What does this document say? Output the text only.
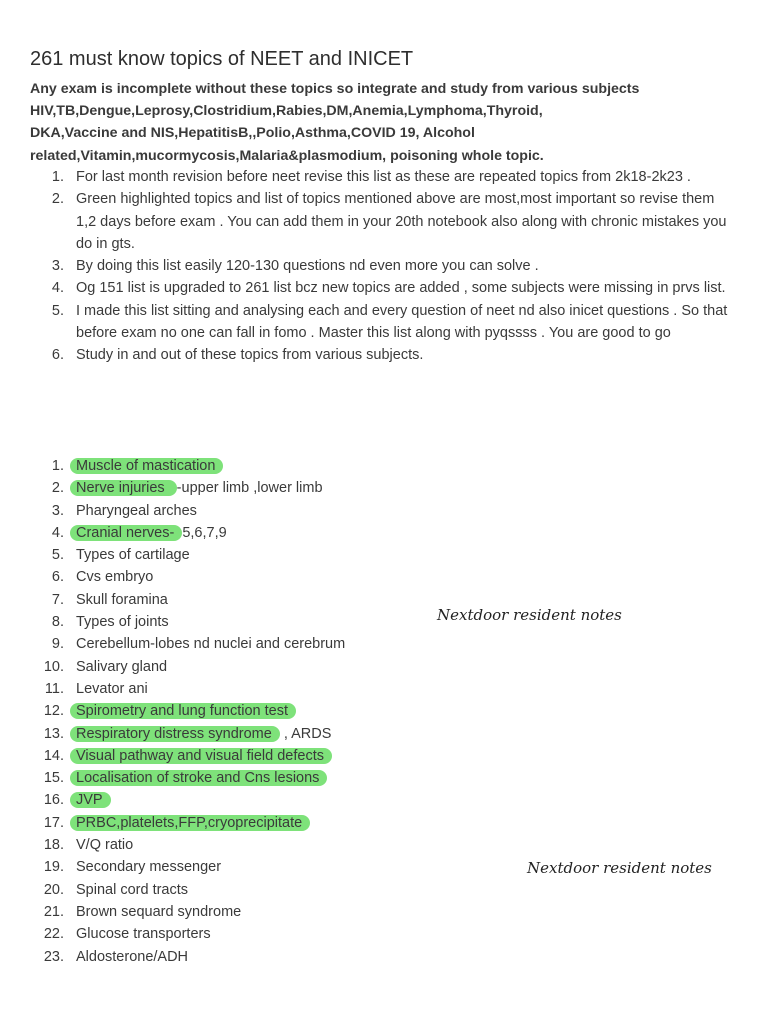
261 must know topics of NEET and INICET
Any exam is incomplete without these topics so integrate and study from various subjects
HIV,TB,Dengue,Leprosy,Clostridium,Rabies,DM,Anemia,Lymphoma,Thyroid,
DKA,Vaccine and NIS,HepatitisB,,Polio,Asthma,COVID 19, Alcohol
related,Vitamin,mucormycosis,Malaria&plasmodium, poisoning whole topic.
1. For last month revision before neet revise this list as these are repeated topics from 2k18-2k23 .
2. Green highlighted topics and list of topics mentioned above are most,most important so revise them 1,2 days before exam . You can add them in your 20th notebook also along with chronic mistakes you do in gts.
3. By doing this list easily 120-130 questions nd even more you can solve .
4. Og 151 list is upgraded to 261 list bcz new topics are added , some subjects were missing in prvs list.
5. I made this list sitting and analysing each and every question of neet nd also inicet questions . So that before exam no one can fall in fomo . Master this list along with pyqssss . You are good to go
6. Study in and out of these topics from various subjects.
1. Muscle of mastication
2. Nerve injuries -upper limb ,lower limb
3. Pharyngeal arches
4. Cranial nerves- 5,6,7,9
5. Types of cartilage
6. Cvs embryo
7. Skull foramina
8. Types of joints
9. Cerebellum-lobes nd nuclei and cerebrum
10. Salivary gland
11. Levator ani
12. Spirometry and lung function test
13. Respiratory distress syndrome , ARDS
14. Visual pathway and visual field defects
15. Localisation of stroke and Cns lesions
16. JVP
17. PRBC,platelets,FFP,cryoprecipitate
18. V/Q ratio
19. Secondary messenger
20. Spinal cord tracts
21. Brown sequard syndrome
22. Glucose transporters
23. Aldosterone/ADH
Nextdoor resident notes
Nextdoor resident notes
